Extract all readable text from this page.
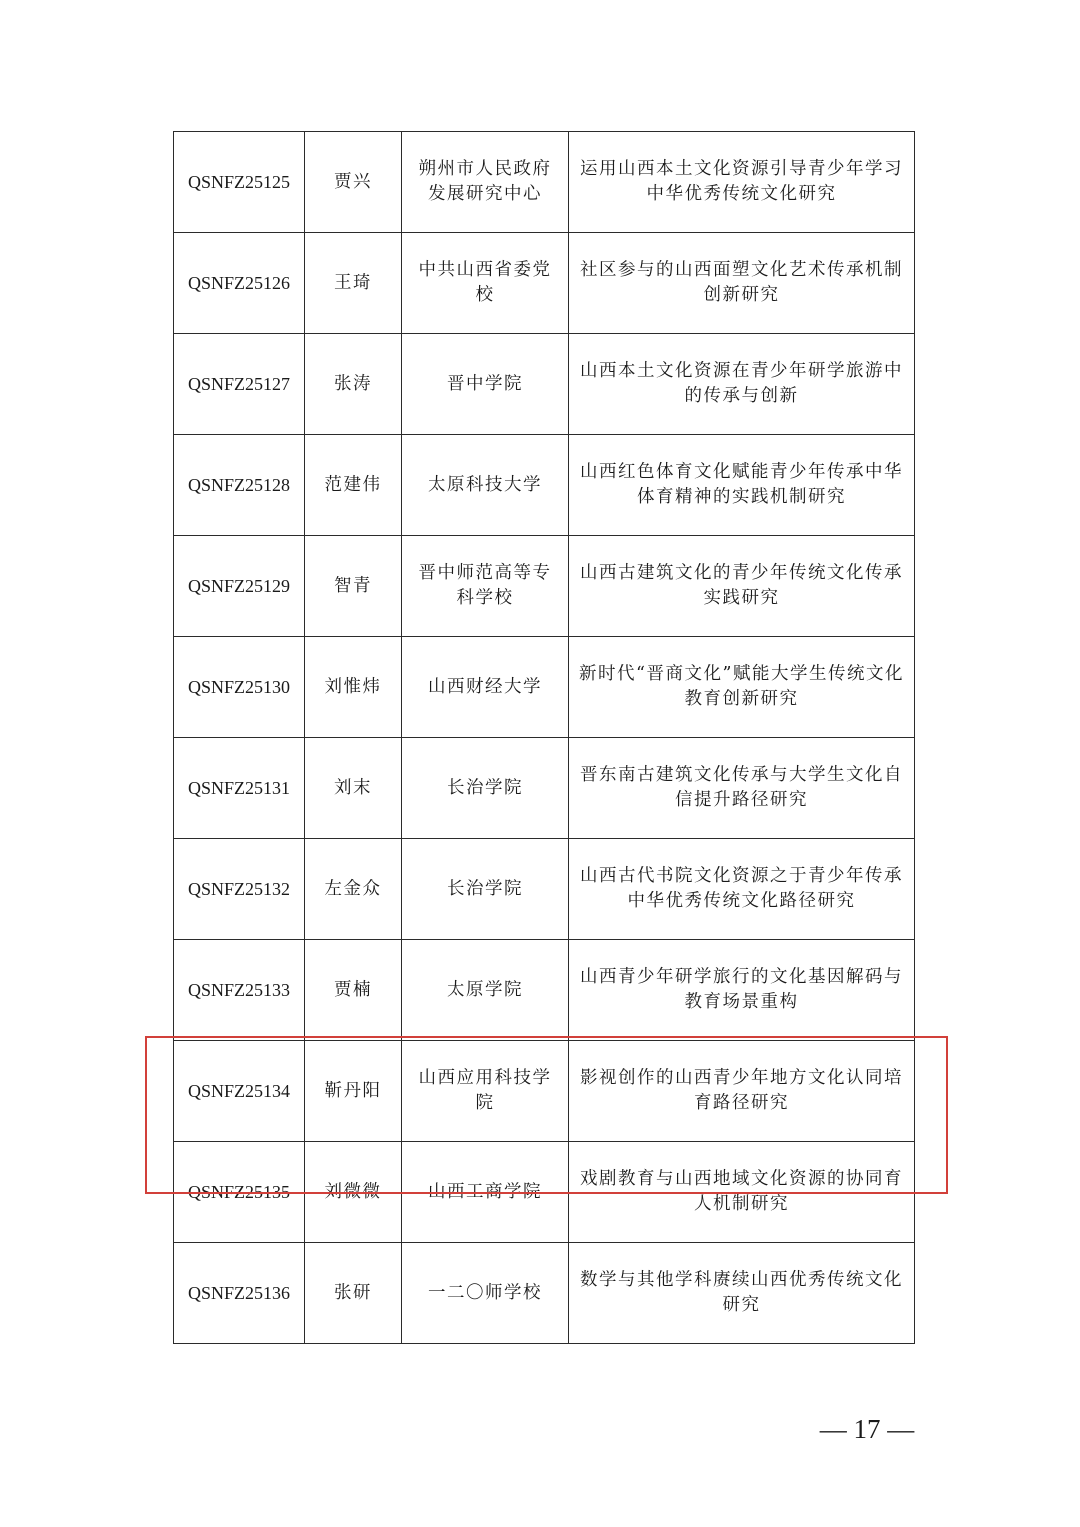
QSNFZ25125	贾兴	朔州市人民政府发展研究中心	运用山西本土文化资源引导青少年学习中华优秀传统文化研究
QSNFZ25126	王琦	中共山西省委党校	社区参与的山西面塑文化艺术传承机制创新研究
QSNFZ25127	张涛	晋中学院	山西本土文化资源在青少年研学旅游中的传承与创新
QSNFZ25128	范建伟	太原科技大学	山西红色体育文化赋能青少年传承中华体育精神的实践机制研究
QSNFZ25129	智青	晋中师范高等专科学校	山西古建筑文化的青少年传统文化传承实践研究
QSNFZ25130	刘惟炜	山西财经大学	新时代“晋商文化”赋能大学生传统文化教育创新研究
QSNFZ25131	刘末	长治学院	晋东南古建筑文化传承与大学生文化自信提升路径研究
QSNFZ25132	左金众	长治学院	山西古代书院文化资源之于青少年传承中华优秀传统文化路径研究
QSNFZ25133	贾楠	太原学院	山西青少年研学旅行的文化基因解码与教育场景重构
QSNFZ25134	靳丹阳	山西应用科技学院	影视创作的山西青少年地方文化认同培育路径研究
QSNFZ25135	刘微微	山西工商学院	戏剧教育与山西地域文化资源的协同育人机制研究
QSNFZ25136	张研	一二〇师学校	数学与其他学科赓续山西优秀传统文化研究
— 17 —
